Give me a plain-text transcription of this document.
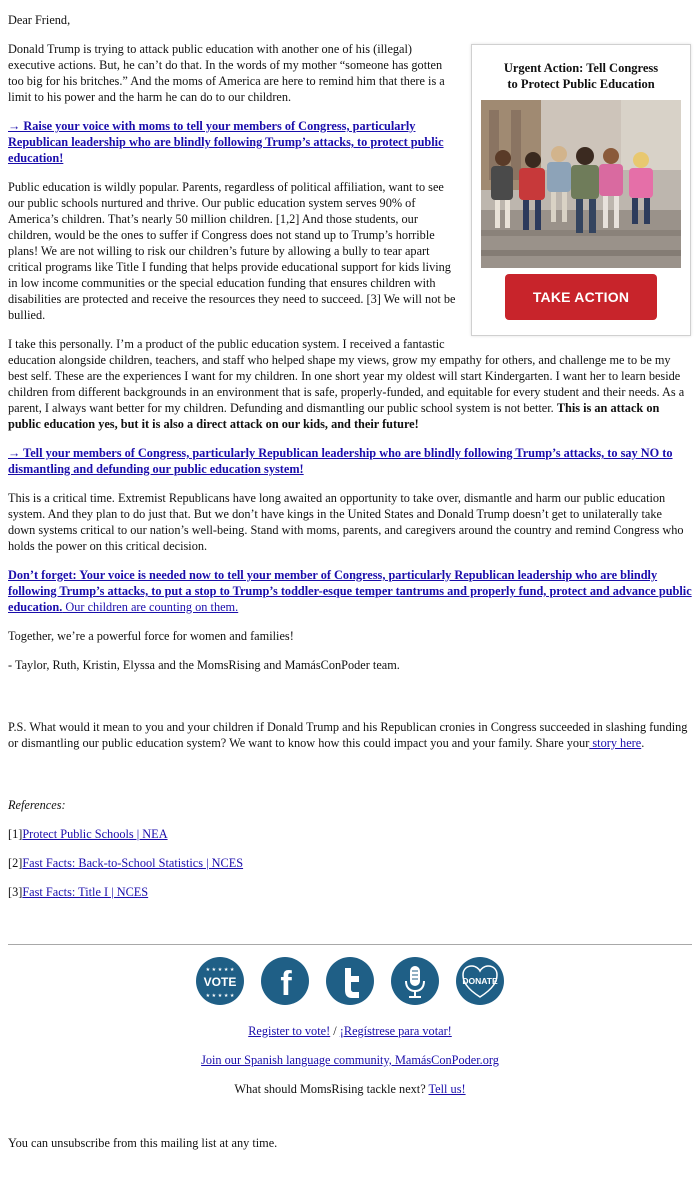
Dear Friend,

Urgent Action: Tell Congress
to Protect Public Education
TAKE ACTION

Donald Trump is trying to attack public education with another one of his (illegal) executive actions. But, he can’t do that. In the words of my mother “someone has gotten too big for his britches.” And the moms of America are here to remind him that there is a limit to his power and the harm he can do to our children.

→ Raise your voice with moms to tell your members of Congress, particularly Republican leadership who are blindly following Trump’s attacks, to protect public education!

Public education is wildly popular. Parents, regardless of political affiliation, want to see our public schools nurtured and thrive. Our public education system serves 90% of America’s children. That’s nearly 50 million children. [1,2] And those students, our children, would be the ones to suffer if Congress does not stand up to Trump’s horrible plans! We are not willing to risk our children’s future by allowing a bully to tear apart critical programs like Title I funding that helps provide educational support for kids living in low income communities or the special education funding that ensures children with disabilities are protected and receive the resources they need to succeed. [3] We will not be bullied.

I take this personally. I’m a product of the public education system. I received a fantastic education alongside children, teachers, and staff who helped shape my views, grow my empathy for others, and challenge me to be my best self. These are the experiences I want for my children. In one short year my oldest will start Kindergarten. I want her to learn beside children from different backgrounds in an environment that is safe, properly-funded, and equitable for every student and their needs. As a parent, I always want better for my children. Defunding and dismantling our public school system is not better. This is an attack on public education yes, but it is also a direct attack on our kids, and their future!

→ Tell your members of Congress, particularly Republican leadership who are blindly following Trump’s attacks, to say NO to dismantling and defunding our public education system!

This is a critical time. Extremist Republicans have long awaited an opportunity to take over, dismantle and harm our public education system. And they plan to do just that. But we don’t have kings in the United States and Donald Trump doesn’t get to unilaterally take down systems critical to our nation’s well-being. Stand with moms, parents, and caregivers around the country and remind Congress who holds the power on this critical decision.

Don’t forget: Your voice is needed now to tell your member of Congress, particularly Republican leadership who are blindly following Trump’s attacks, to put a stop to Trump’s toddler-esque temper tantrums and properly fund, protect and advance public education. Our children are counting on them.

Together, we’re a powerful force for women and families!

- Taylor, Ruth, Kristin, Elyssa and the MomsRising and MamásConPoder team.

P.S. What would it mean to you and your children if Donald Trump and his Republican cronies in Congress succeeded in slashing funding or dismantling our public education system? We want to know how this could impact you and your family. Share your story here.

References:

[1]Protect Public Schools | NEA

[2]Fast Facts: Back-to-School Statistics | NCES

[3]Fast Facts: Title I | NCES

★ ★ ★ ★ ★
VOTE
★ ★ ★ ★ ★ f	DONATE

Register to vote! / ¡Regístrese para votar!

Join our Spanish language community, MamásConPoder.org

What should MomsRising tackle next? Tell us!

You can unsubscribe from this mailing list at any time.
